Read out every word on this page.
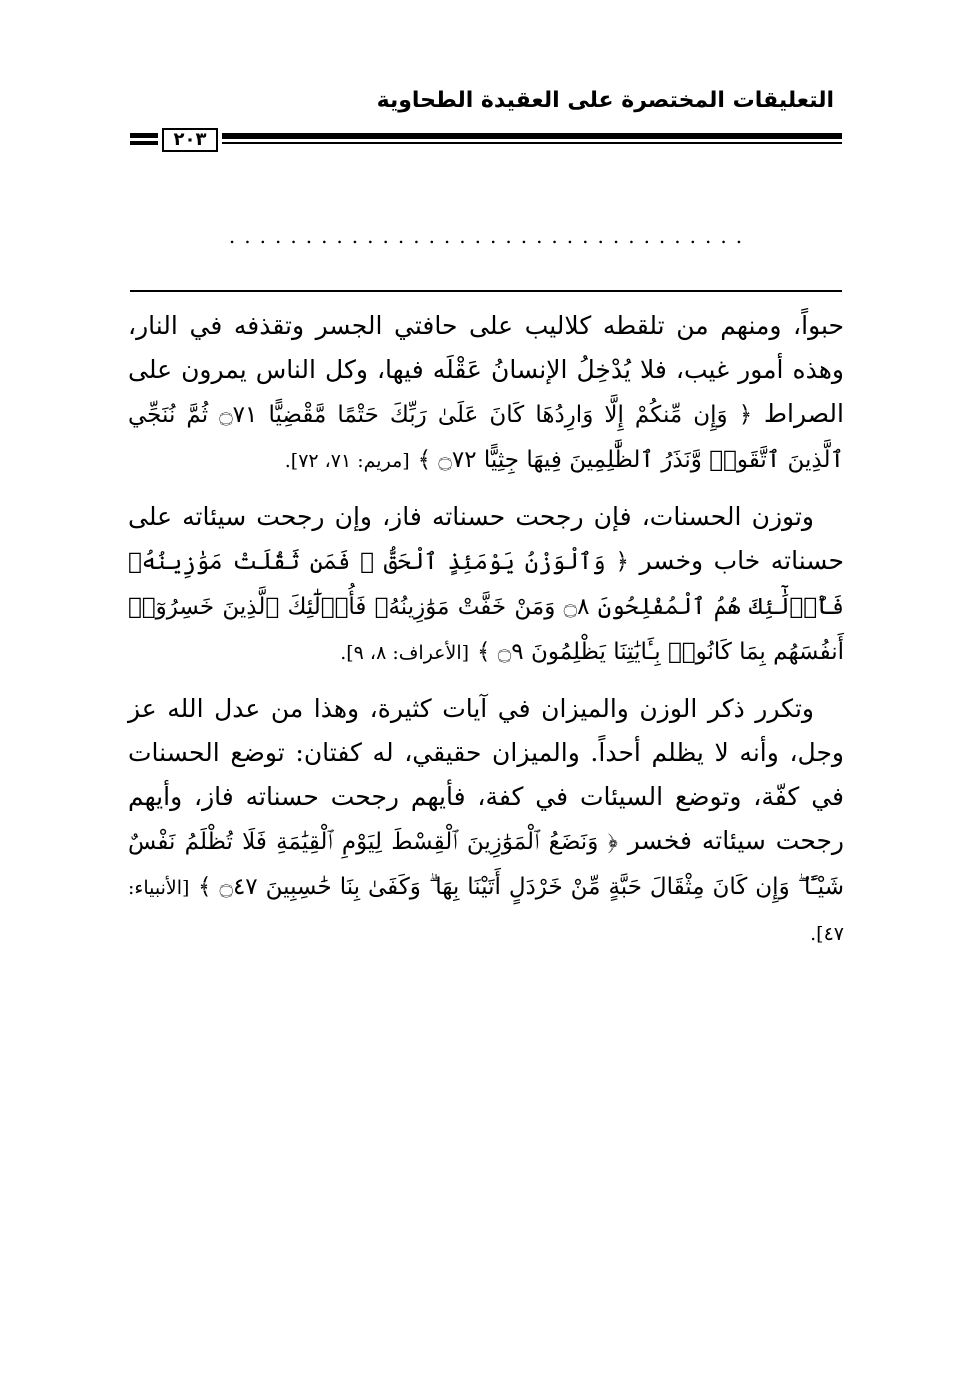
التعليقات المختصرة على العقيدة الطحاوية
٢٠٣
..................................

حبواً، ومنهم من تلقطه كلاليب على حافتي الجسر وتقذفه في النار، وهذه أمور غيب، فلا يُدْخِلُ الإنسانُ عَقْلَه فيها، وكل الناس يمرون على الصراط ﴿ وَإِن مِّنكُمْ إِلَّا وَارِدُهَا كَانَ عَلَىٰ رَبِّكَ حَتْمًا مَّقْضِيًّا ۝٧١ ثُمَّ نُنَجِّي ٱلَّذِينَ ٱتَّقَوا۟ وَّنَذَرُ ٱلظَّٰلِمِينَ فِيهَا جِثِيًّا ۝٧٢ ﴾ [مريم: ٧١، ٧٢].

وتوزن الحسنات، فإن رجحت حسناته فاز، وإن رجحت سيئاته على حسناته خاب وخسر ﴿ وَٱلْوَزْنُ يَوْمَئِذٍ ٱلْحَقُّ ۚ فَمَن ثَقُلَتْ مَوَٰزِينُهُۥ فَأُو۟لَٰٓئِكَ هُمُ ٱلْمُفْلِحُونَ ۝٨ وَمَنْ خَفَّتْ مَوَٰزِينُهُۥ فَأُو۟لَٰٓئِكَ ٱلَّذِينَ خَسِرُوٓا۟ أَنفُسَهُم بِمَا كَانُوا۟ بِـَٔايَٰتِنَا يَظْلِمُونَ ۝٩ ﴾ [الأعراف: ٨، ٩].

وتكرر ذكر الوزن والميزان في آيات كثيرة، وهذا من عدل الله عز وجل، وأنه لا يظلم أحداً. والميزان حقيقي، له كفتان: توضع الحسنات في كفّة، وتوضع السيئات في كفة، فأيهم رجحت حسناته فاز، وأيهم رجحت سيئاته فخسر ﴿ وَنَضَعُ ٱلْمَوَٰزِينَ ٱلْقِسْطَ لِيَوْمِ ٱلْقِيَٰمَةِ فَلَا تُظْلَمُ نَفْسٌ شَيْـًٔا ۖ وَإِن كَانَ مِثْقَالَ حَبَّةٍ مِّنْ خَرْدَلٍ أَتَيْنَا بِهَا ۗ وَكَفَىٰ بِنَا حَٰسِبِينَ ۝٤٧ ﴾ [الأنبياء: ٤٧].
